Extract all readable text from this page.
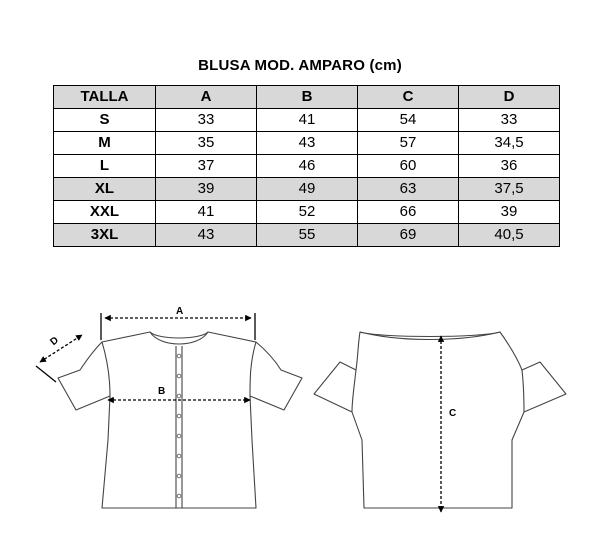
BLUSA MOD. AMPARO (cm)
TALLA	A	B	C	D
S	33	41	54	33
M	35	43	57	34,5
L	37	46	60	36
XL	39	49	63	37,5
XXL	41	52	66	39
3XL	43	55	69	40,5
A
B
D
C
